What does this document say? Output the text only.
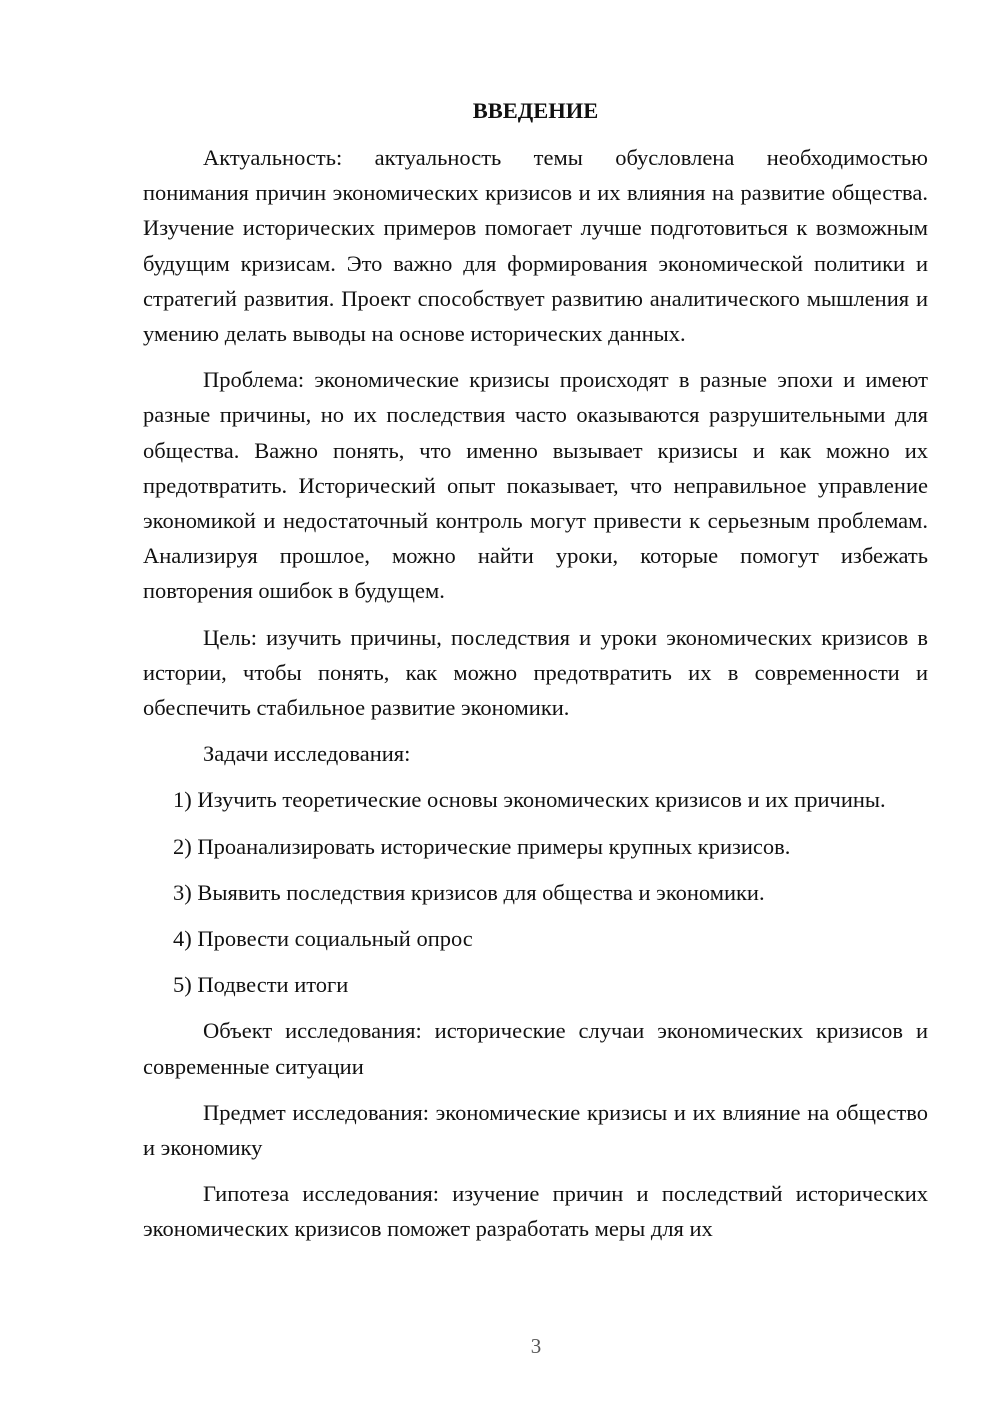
ВВЕДЕНИЕ

Актуальность: актуальность темы обусловлена необходимостью понимания причин экономических кризисов и их влияния на развитие общества. Изучение исторических примеров помогает лучше подготовиться к возможным будущим кризисам. Это важно для формирования экономической политики и стратегий развития. Проект способствует развитию аналитического мышления и умению делать выводы на основе исторических данных.

Проблема: экономические кризисы происходят в разные эпохи и имеют разные причины, но их последствия часто оказываются разрушительными для общества. Важно понять, что именно вызывает кризисы и как можно их предотвратить. Исторический опыт показывает, что неправильное управление экономикой и недостаточный контроль могут привести к серьезным проблемам. Анализируя прошлое, можно найти уроки, которые помогут избежать повторения ошибок в будущем.

Цель: изучить причины, последствия и уроки экономических кризисов в истории, чтобы понять, как можно предотвратить их в современности и обеспечить стабильное развитие экономики.

Задачи исследования:

1) Изучить теоретические основы экономических кризисов и их причины.

2) Проанализировать исторические примеры крупных кризисов.

3) Выявить последствия кризисов для общества и экономики.

4) Провести социальный опрос

5) Подвести итоги

Объект исследования: исторические случаи экономических кризисов и современные ситуации

Предмет исследования: экономические кризисы и их влияние на общество и экономику

Гипотеза исследования: изучение причин и последствий исторических экономических кризисов поможет разработать меры для их

3
